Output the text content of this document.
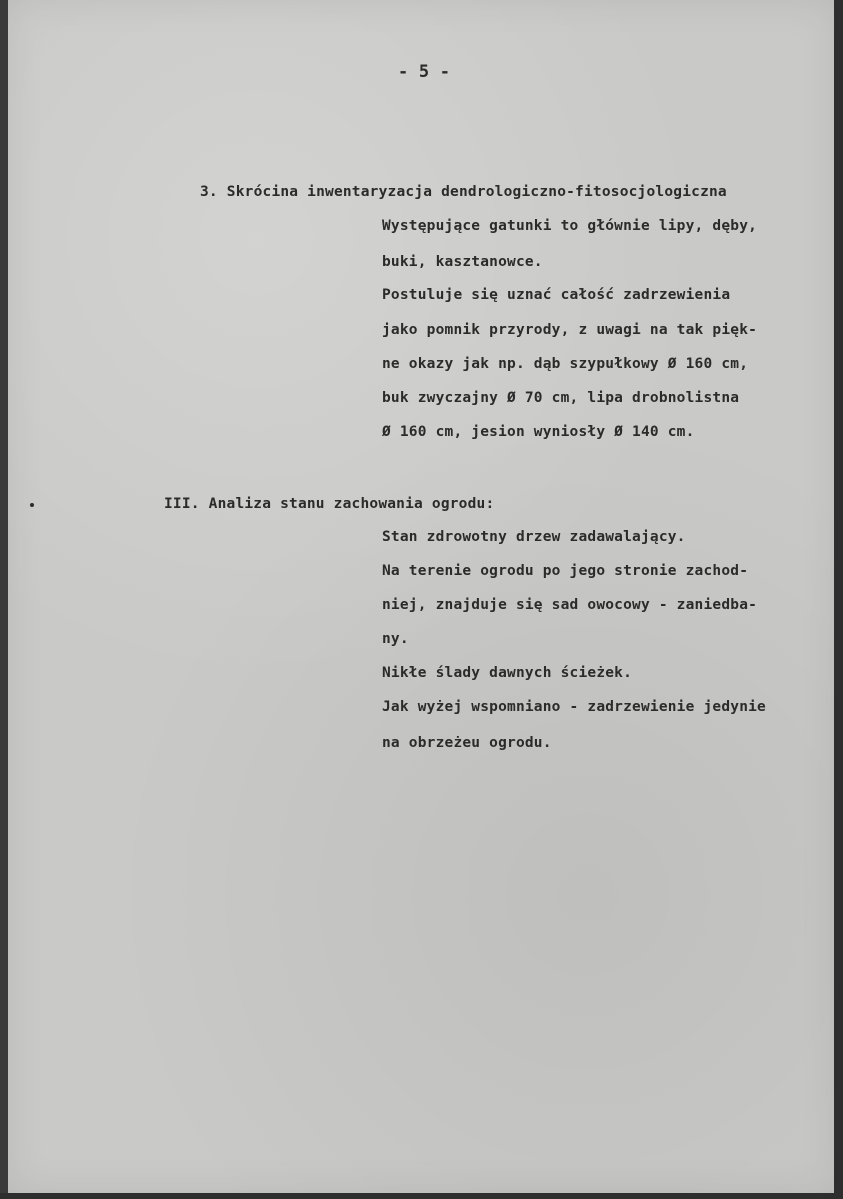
- 5 -
3. Skrócina inwentaryzacja dendrologiczno-fitosocjologiczna
Występujące gatunki to głównie lipy, dęby,
buki, kasztanowce.
Postuluje się uznać całość zadrzewienia
jako pomnik przyrody, z uwagi na tak pięk-
ne okazy jak np. dąb szypułkowy Ø 160 cm,
buk zwyczajny Ø 70 cm, lipa drobnolistna
Ø 160 cm, jesion wyniosły Ø 140 cm.
III. Analiza stanu zachowania ogrodu:
Stan zdrowotny drzew zadawalający.
Na terenie ogrodu po jego stronie zachod-
niej, znajduje się sad owocowy - zaniedba-
ny.
Nikłe ślady dawnych ścieżek.
Jak wyżej wspomniano - zadrzewienie jedynie
na obrzeżeu ogrodu.
